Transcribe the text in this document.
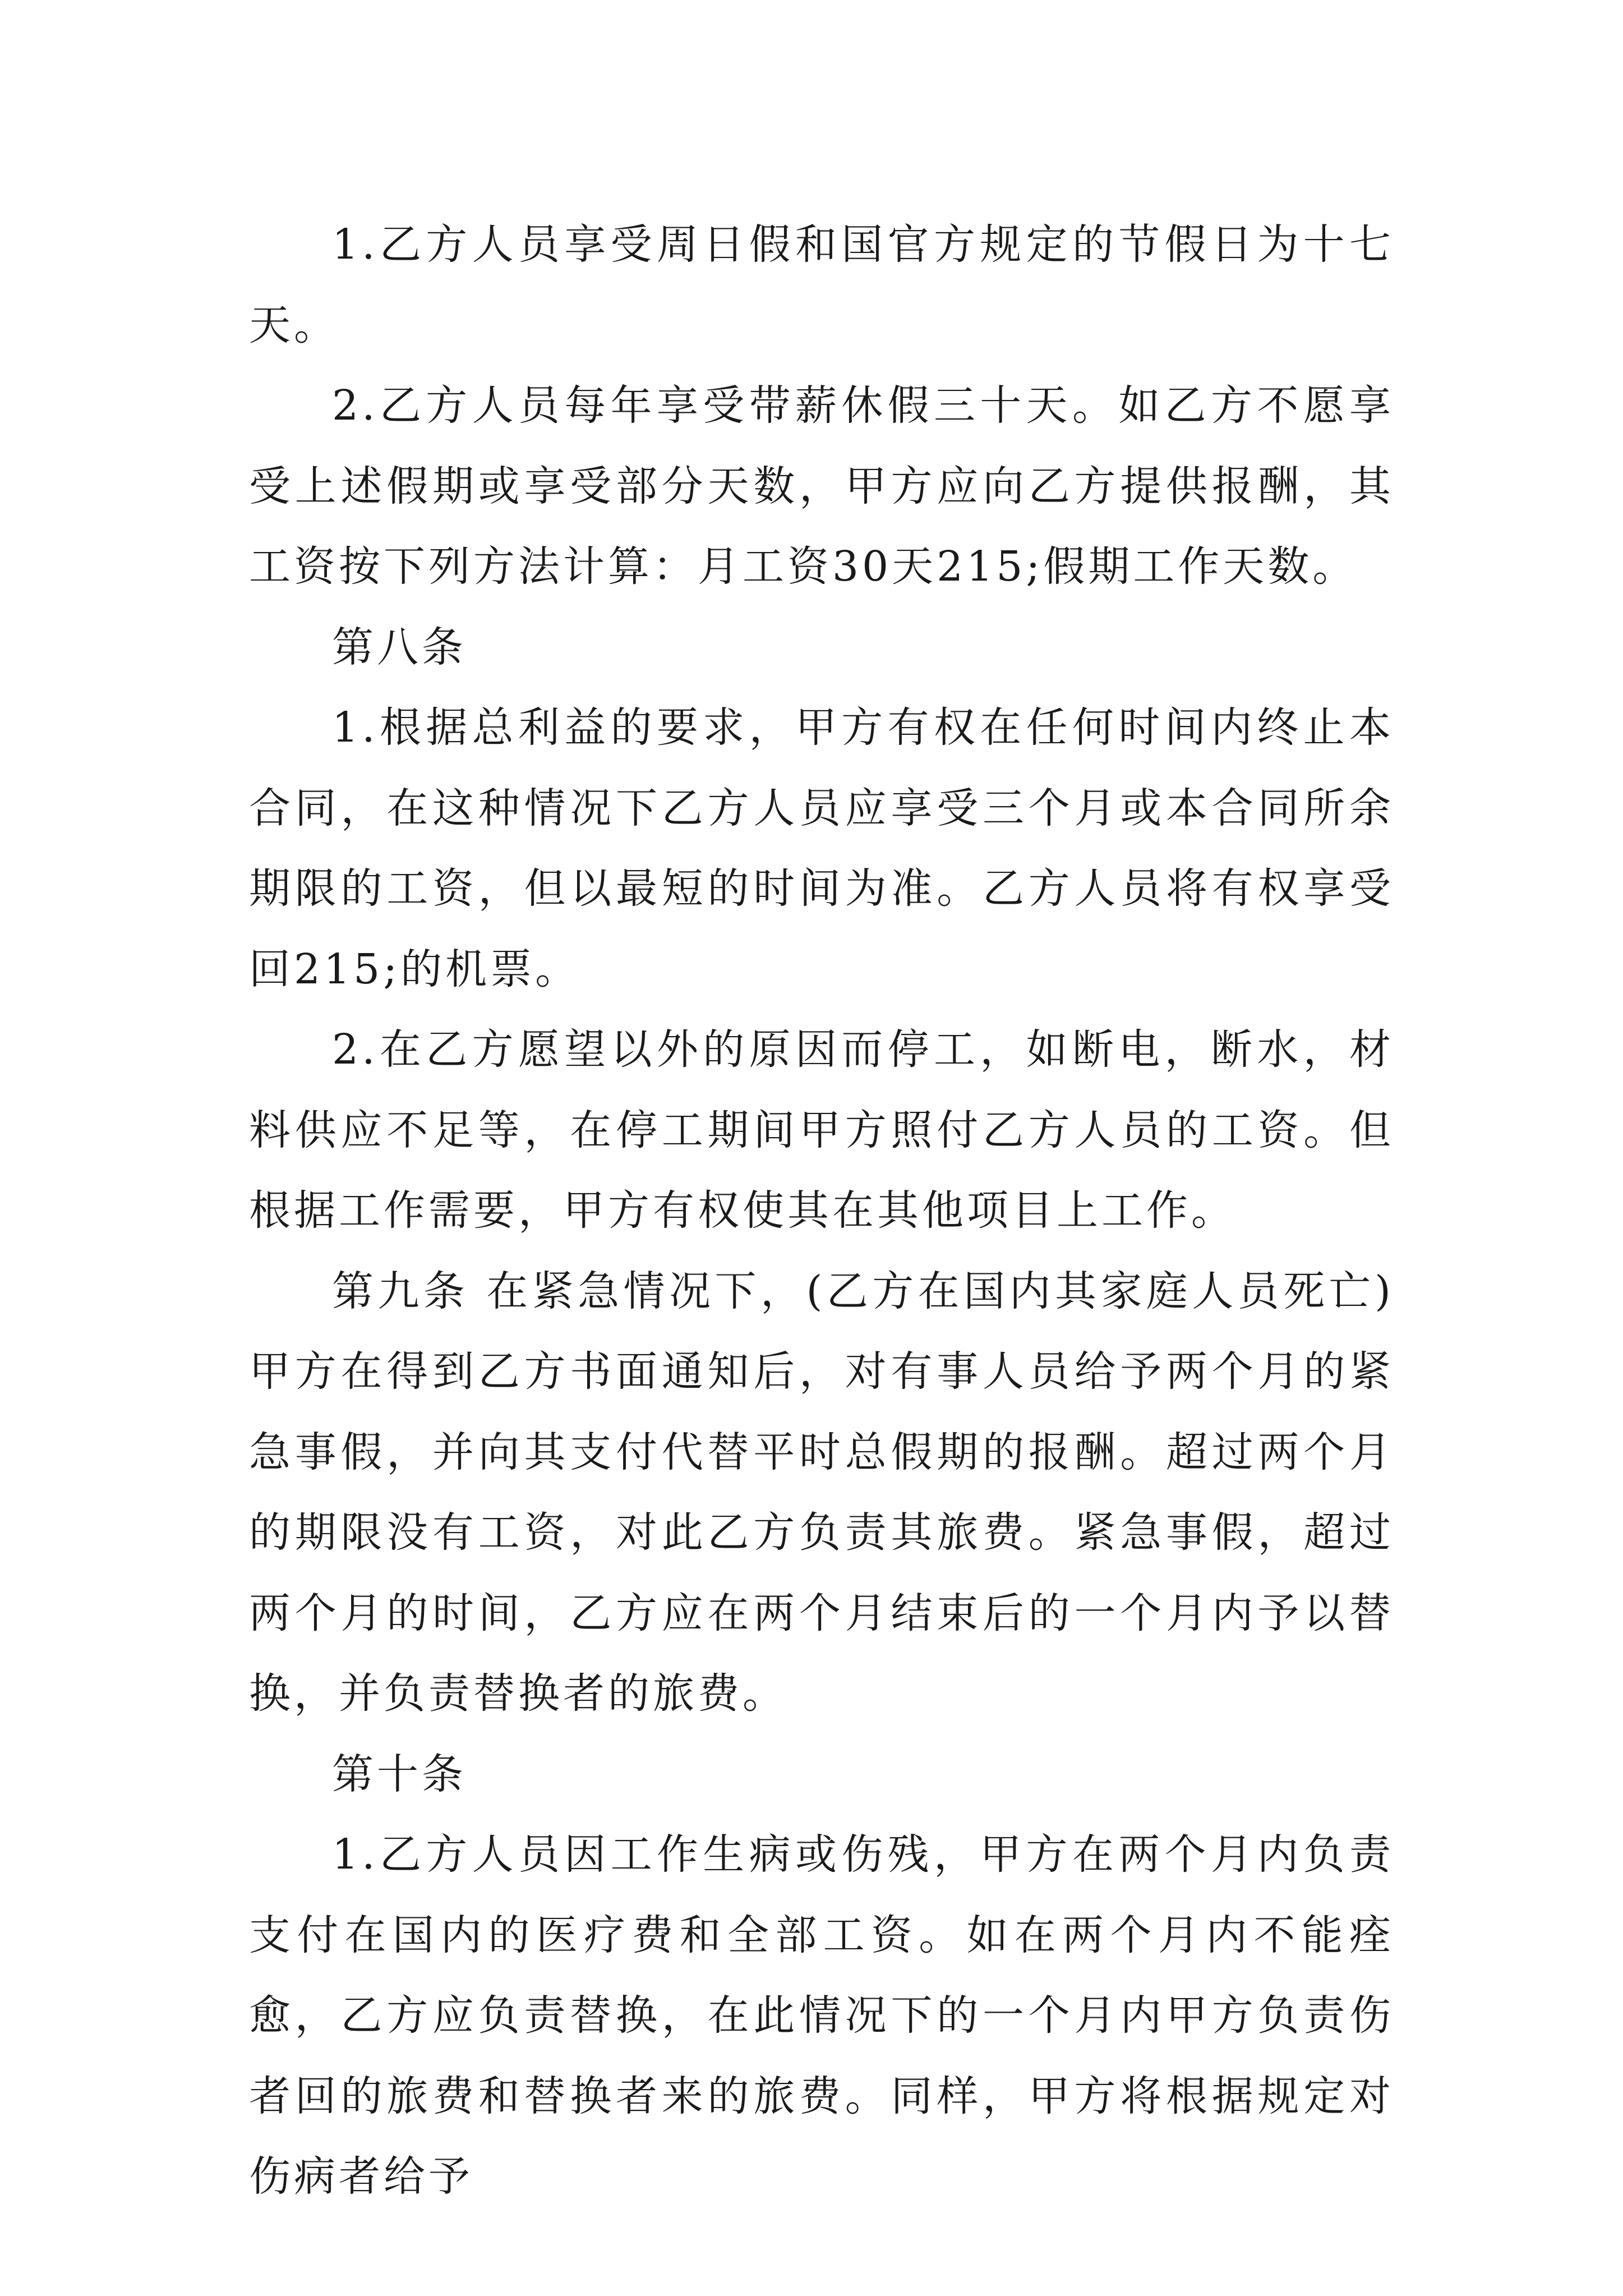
1.乙方人员享受周日假和国官方规定的节假日为十七天。

2.乙方人员每年享受带薪休假三十天。如乙方不愿享受上述假期或享受部分天数，甲方应向乙方提供报酬，其工资按下列方法计算：月工资30天215;假期工作天数。

第八条

1.根据总利益的要求，甲方有权在任何时间内终止本合同，在这种情况下乙方人员应享受三个月或本合同所余期限的工资，但以最短的时间为准。乙方人员将有权享受回215;的机票。

2.在乙方愿望以外的原因而停工，如断电，断水，材料供应不足等，在停工期间甲方照付乙方人员的工资。但根据工作需要，甲方有权使其在其他项目上工作。

第九条 在紧急情况下，(乙方在国内其家庭人员死亡)甲方在得到乙方书面通知后，对有事人员给予两个月的紧急事假，并向其支付代替平时总假期的报酬。超过两个月的期限没有工资，对此乙方负责其旅费。紧急事假，超过两个月的时间，乙方应在两个月结束后的一个月内予以替换，并负责替换者的旅费。

第十条

1.乙方人员因工作生病或伤残，甲方在两个月内负责支付在国内的医疗费和全部工资。如在两个月内不能痊愈，乙方应负责替换，在此情况下的一个月内甲方负责伤者回的旅费和替换者来的旅费。同样，甲方将根据规定对伤病者给予
